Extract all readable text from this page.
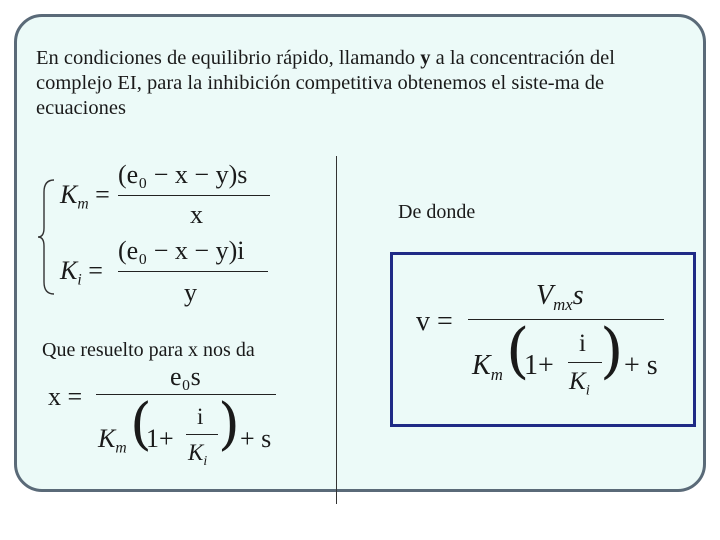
En condiciones de equilibrio rápido, llamando y a la concentración del complejo EI, para la inhibición competitiva obtenemos el siste-ma de ecuaciones

$K_m$ =
(e₀ − x − y)s
x
$K_i$ =
(e₀ − x − y)i
y

Que resuelto para x nos da

x =
e₀s
$K_m$ (
1+
i
$K_i$
) + s

De donde

v =
$V_{mx}s$
$K_m$ (
1+
i
$K_i$
) + s
